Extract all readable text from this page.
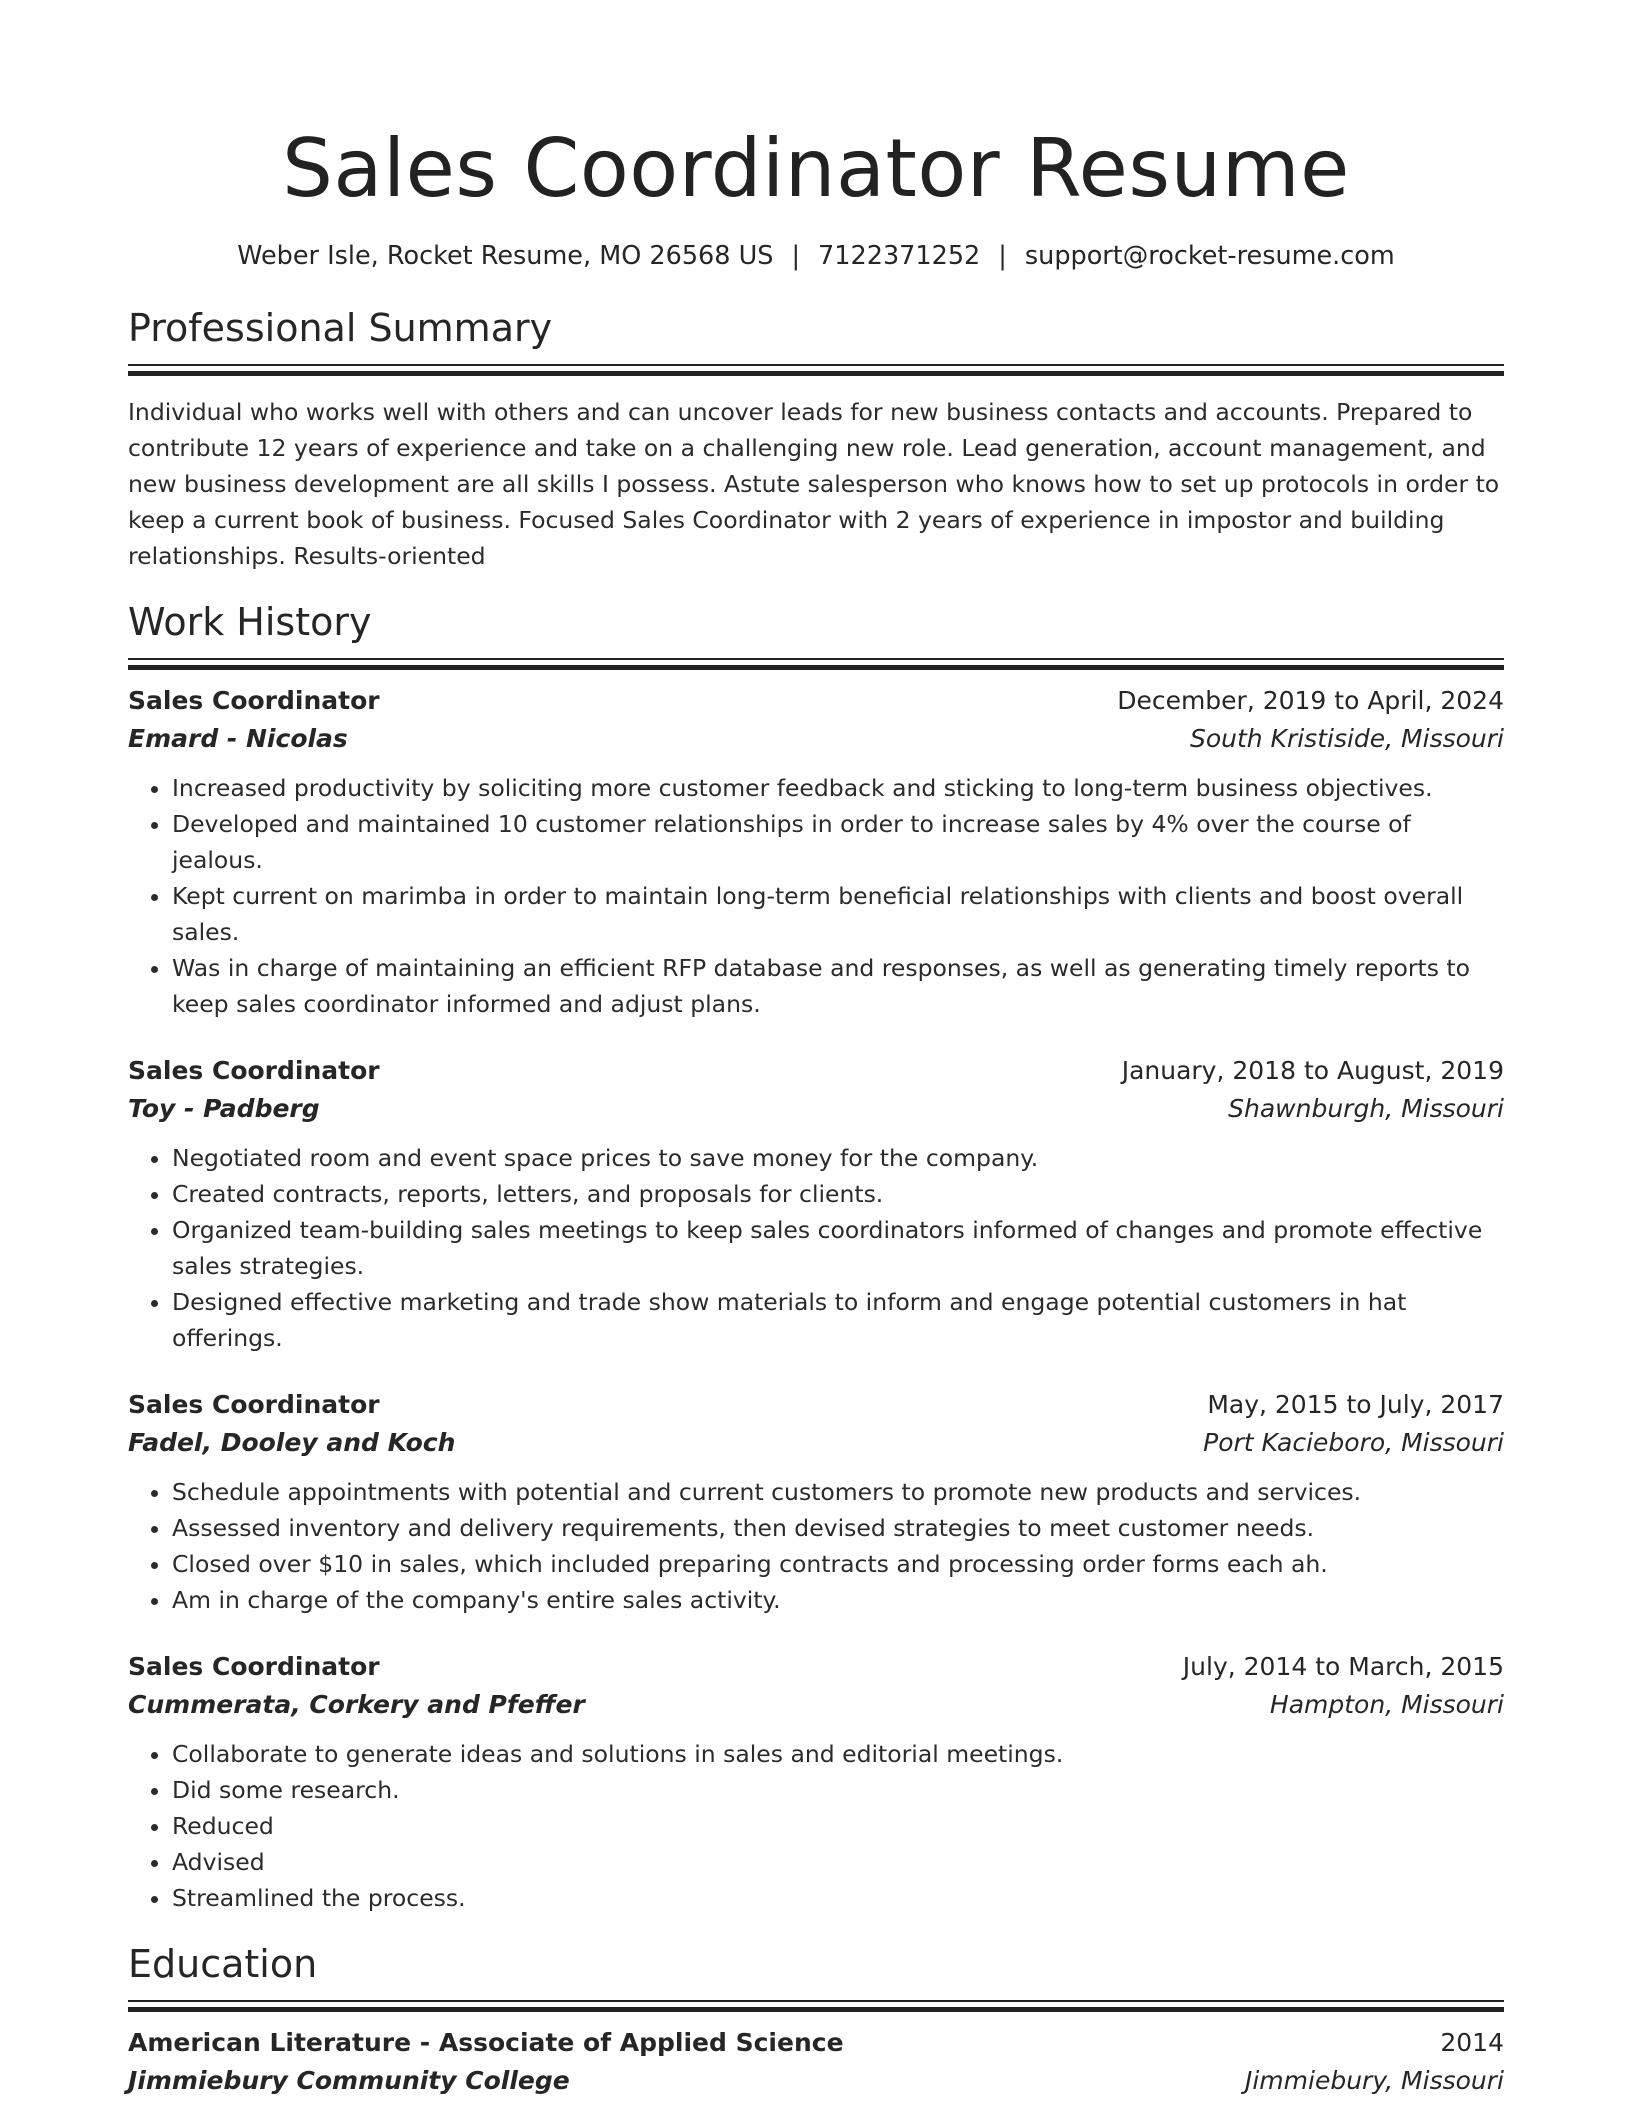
Sales Coordinator Resume
Weber Isle, Rocket Resume, MO 26568 US | 7122371252 | support@rocket-resume.com
Professional Summary
Individual who works well with others and can uncover leads for new business contacts and accounts. Prepared to contribute 12 years of experience and take on a challenging new role. Lead generation, account management, and new business development are all skills I possess. Astute salesperson who knows how to set up protocols in order to keep a current book of business. Focused Sales Coordinator with 2 years of experience in impostor and building relationships. Results-oriented
Work History
Sales Coordinator	December, 2019 to April, 2024
Emard - Nicolas	South Kristiside, Missouri
• Increased productivity by soliciting more customer feedback and sticking to long-term business objectives.
• Developed and maintained 10 customer relationships in order to increase sales by 4% over the course of jealous.
• Kept current on marimba in order to maintain long-term beneficial relationships with clients and boost overall sales.
• Was in charge of maintaining an efficient RFP database and responses, as well as generating timely reports to keep sales coordinator informed and adjust plans.
Sales Coordinator	January, 2018 to August, 2019
Toy - Padberg	Shawnburgh, Missouri
• Negotiated room and event space prices to save money for the company.
• Created contracts, reports, letters, and proposals for clients.
• Organized team-building sales meetings to keep sales coordinators informed of changes and promote effective sales strategies.
• Designed effective marketing and trade show materials to inform and engage potential customers in hat offerings.
Sales Coordinator	May, 2015 to July, 2017
Fadel, Dooley and Koch	Port Kacieboro, Missouri
• Schedule appointments with potential and current customers to promote new products and services.
• Assessed inventory and delivery requirements, then devised strategies to meet customer needs.
• Closed over $10 in sales, which included preparing contracts and processing order forms each ah.
• Am in charge of the company's entire sales activity.
Sales Coordinator	July, 2014 to March, 2015
Cummerata, Corkery and Pfeffer	Hampton, Missouri
• Collaborate to generate ideas and solutions in sales and editorial meetings.
• Did some research.
• Reduced
• Advised
• Streamlined the process.
Education
American Literature - Associate of Applied Science	2014
Jimmiebury Community College	Jimmiebury, Missouri
